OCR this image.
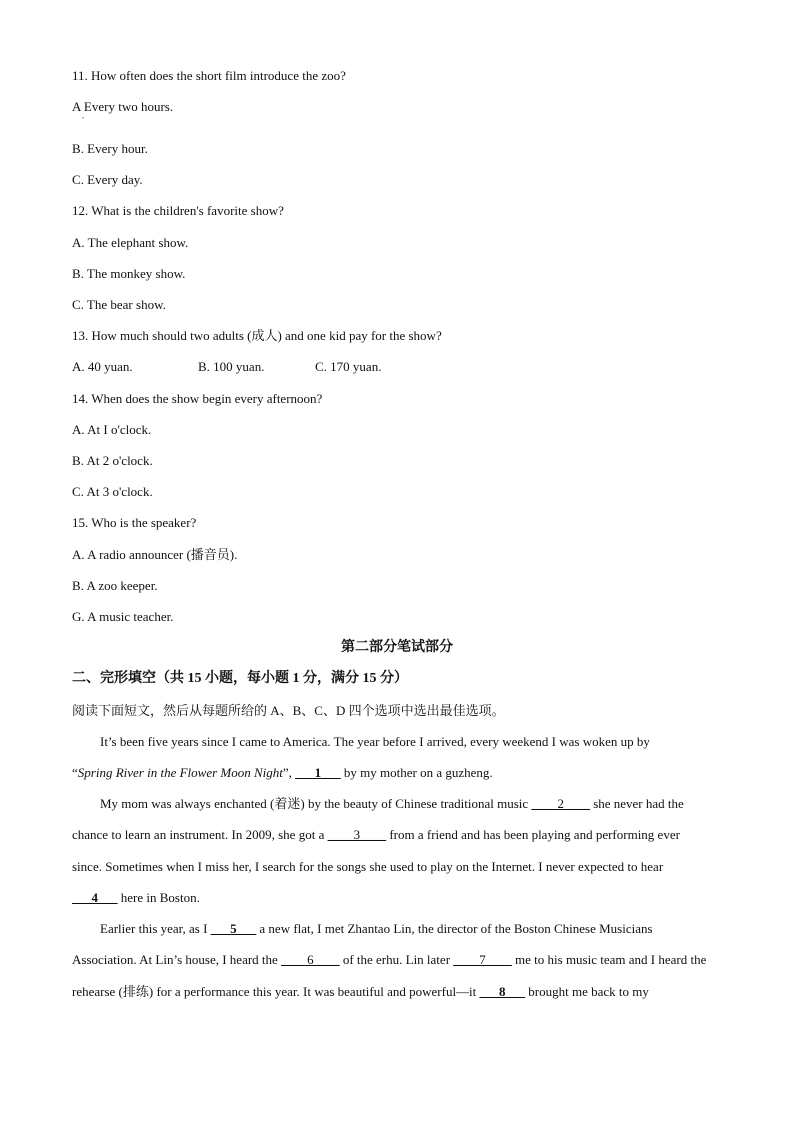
11. How often does the short film introduce the zoo?
A Every two hours.
•
B. Every hour.
C. Every day.
12. What is the children's favorite show?
A. The elephant show.
B. The monkey show.
C. The bear show.
13. How much should two adults (成人) and one kid pay for the show?
A. 40 yuan.	B. 100 yuan.	C. 170 yuan.
14. When does the show begin every afternoon?
A. At I o'clock.
B. At 2 o'clock.
C. At 3 o'clock.
15. Who is the speaker?
A. A radio announcer (播音员).
B. A zoo keeper.
G. A music teacher.
第二部分笔试部分
二、完形填空（共 15 小题，每小题 1 分，满分 15 分）
阅读下面短文，然后从每题所给的 A、B、C、D 四个选项中选出最佳选项。
It’s been five years since I came to America. The year before I arrived, every weekend I was woken up by
“Spring River in the Flower Moon Night”, ___1___ by my mother on a guzheng.
My mom was always enchanted (着迷) by the beauty of Chinese traditional music ____2____ she never had the
chance to learn an instrument. In 2009, she got a ____3____ from a friend and has been playing and performing ever
since. Sometimes when I miss her, I search for the songs she used to play on the Internet. I never expected to hear
___4___ here in Boston.
Earlier this year, as I ___5___ a new flat, I met Zhantao Lin, the director of the Boston Chinese Musicians
Association. At Lin’s house, I heard the ____6____ of the erhu. Lin later ____7____ me to his music team and I heard the
rehearse (排练) for a performance this year. It was beautiful and powerful—it ___8___ brought me back to my
